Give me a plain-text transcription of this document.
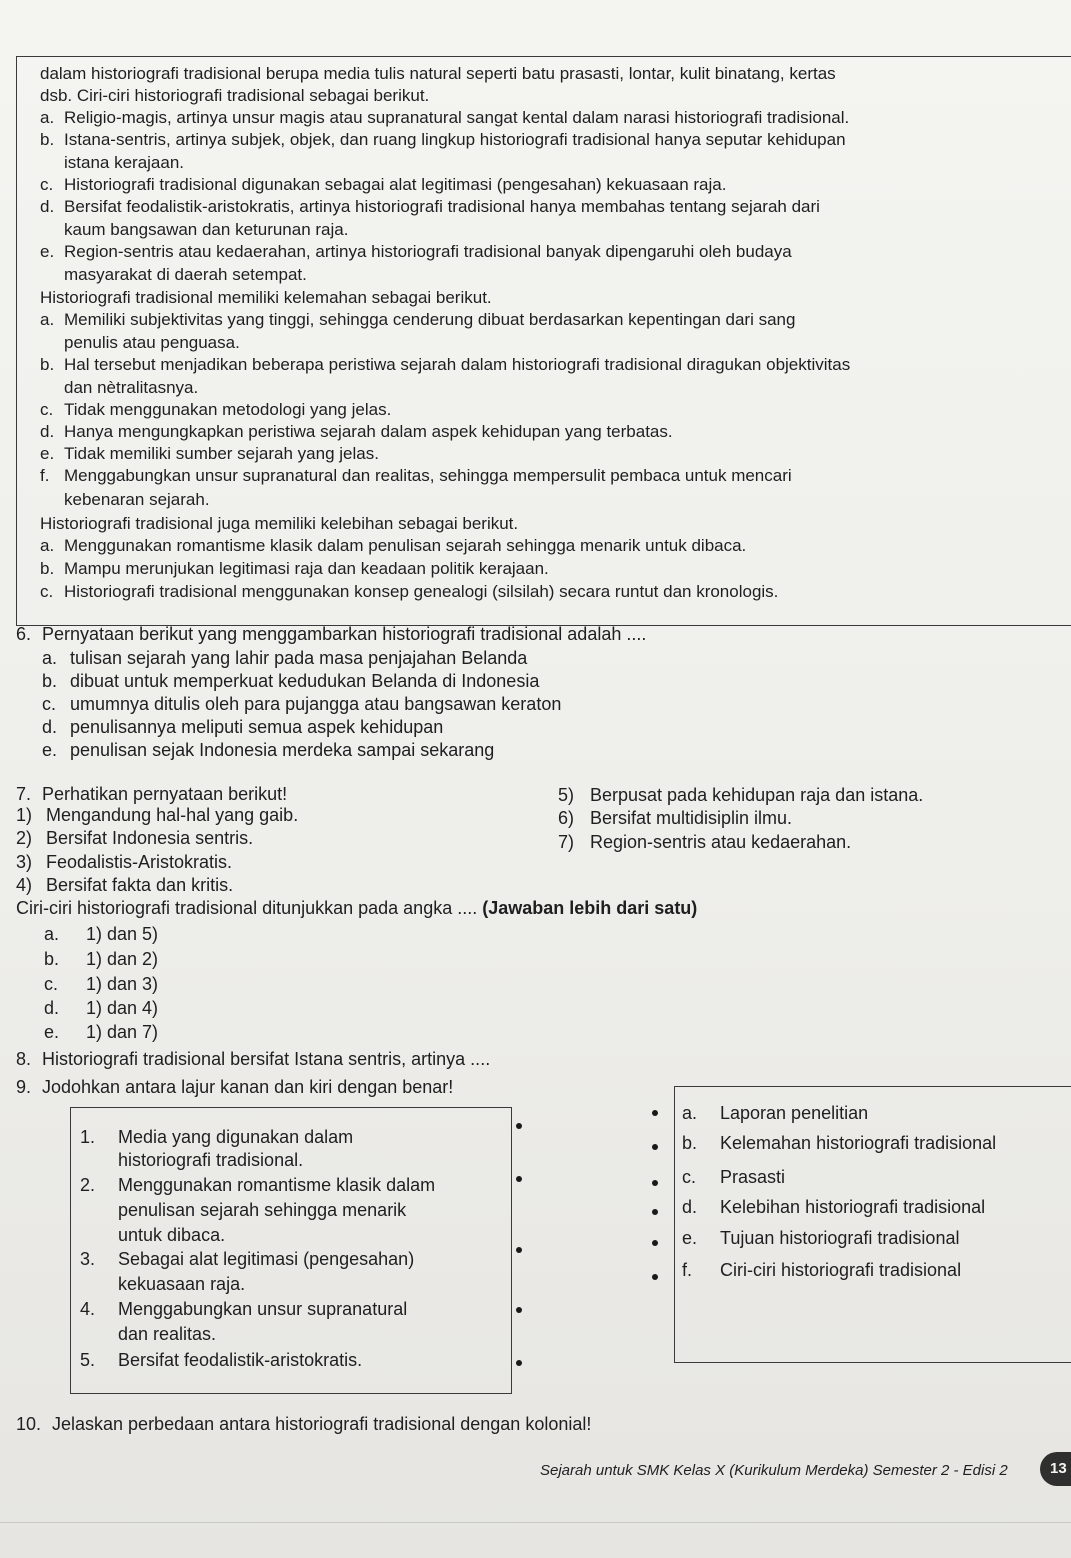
dalam historiografi tradisional berupa media tulis natural seperti batu prasasti, lontar, kulit binatang, kertas
dsb. Ciri-ciri historiografi tradisional sebagai berikut.
a. Religio-magis, artinya unsur magis atau supranatural sangat kental dalam narasi historiografi tradisional.
b. Istana-sentris, artinya subjek, objek, dan ruang lingkup historiografi tradisional hanya seputar kehidupan
istana kerajaan.
c. Historiografi tradisional digunakan sebagai alat legitimasi (pengesahan) kekuasaan raja.
d. Bersifat feodalistik-aristokratis, artinya historiografi tradisional hanya membahas tentang sejarah dari
kaum bangsawan dan keturunan raja.
e. Region-sentris atau kedaerahan, artinya historiografi tradisional banyak dipengaruhi oleh budaya
masyarakat di daerah setempat.
Historiografi tradisional memiliki kelemahan sebagai berikut.
a. Memiliki subjektivitas yang tinggi, sehingga cenderung dibuat berdasarkan kepentingan dari sang
penulis atau penguasa.
b. Hal tersebut menjadikan beberapa peristiwa sejarah dalam historiografi tradisional diragukan objektivitas
dan nètralitasnya.
c. Tidak menggunakan metodologi yang jelas.
d. Hanya mengungkapkan peristiwa sejarah dalam aspek kehidupan yang terbatas.
e. Tidak memiliki sumber sejarah yang jelas.
f. Menggabungkan unsur supranatural dan realitas, sehingga mempersulit pembaca untuk mencari
kebenaran sejarah.
Historiografi tradisional juga memiliki kelebihan sebagai berikut.
a. Menggunakan romantisme klasik dalam penulisan sejarah sehingga menarik untuk dibaca.
b. Mampu merunjukan legitimasi raja dan keadaan politik kerajaan.
c. Historiografi tradisional menggunakan konsep genealogi (silsilah) secara runtut dan kronologis.
6. Pernyataan berikut yang menggambarkan historiografi tradisional adalah ....
a. tulisan sejarah yang lahir pada masa penjajahan Belanda
b. dibuat untuk memperkuat kedudukan Belanda di Indonesia
c. umumnya ditulis oleh para pujangga atau bangsawan keraton
d. penulisannya meliputi semua aspek kehidupan
e. penulisan sejak Indonesia merdeka sampai sekarang
7. Perhatikan pernyataan berikut!
1) Mengandung hal-hal yang gaib.
2) Bersifat Indonesia sentris.
3) Feodalistis-Aristokratis.
4) Bersifat fakta dan kritis.
5) Berpusat pada kehidupan raja dan istana.
6) Bersifat multidisiplin ilmu.
7) Region-sentris atau kedaerahan.
Ciri-ciri historiografi tradisional ditunjukkan pada angka .... (Jawaban lebih dari satu)
a. 1) dan 5)
b. 1) dan 2)
c. 1) dan 3)
d. 1) dan 4)
e. 1) dan 7)
8. Historiografi tradisional bersifat Istana sentris, artinya ....
9. Jodohkan antara lajur kanan dan kiri dengan benar!
1. Media yang digunakan dalam
historiografi tradisional.
2. Menggunakan romantisme klasik dalam
penulisan sejarah sehingga menarik
untuk dibaca.
3. Sebagai alat legitimasi (pengesahan)
kekuasaan raja.
4. Menggabungkan unsur supranatural
dan realitas.
5. Bersifat feodalistik-aristokratis.
a. Laporan penelitian
b. Kelemahan historiografi tradisional
c. Prasasti
d. Kelebihan historiografi tradisional
e. Tujuan historiografi tradisional
f. Ciri-ciri historiografi tradisional
10. Jelaskan perbedaan antara historiografi tradisional dengan kolonial!
Sejarah untuk SMK Kelas X (Kurikulum Merdeka) Semester 2 - Edisi 2	13
